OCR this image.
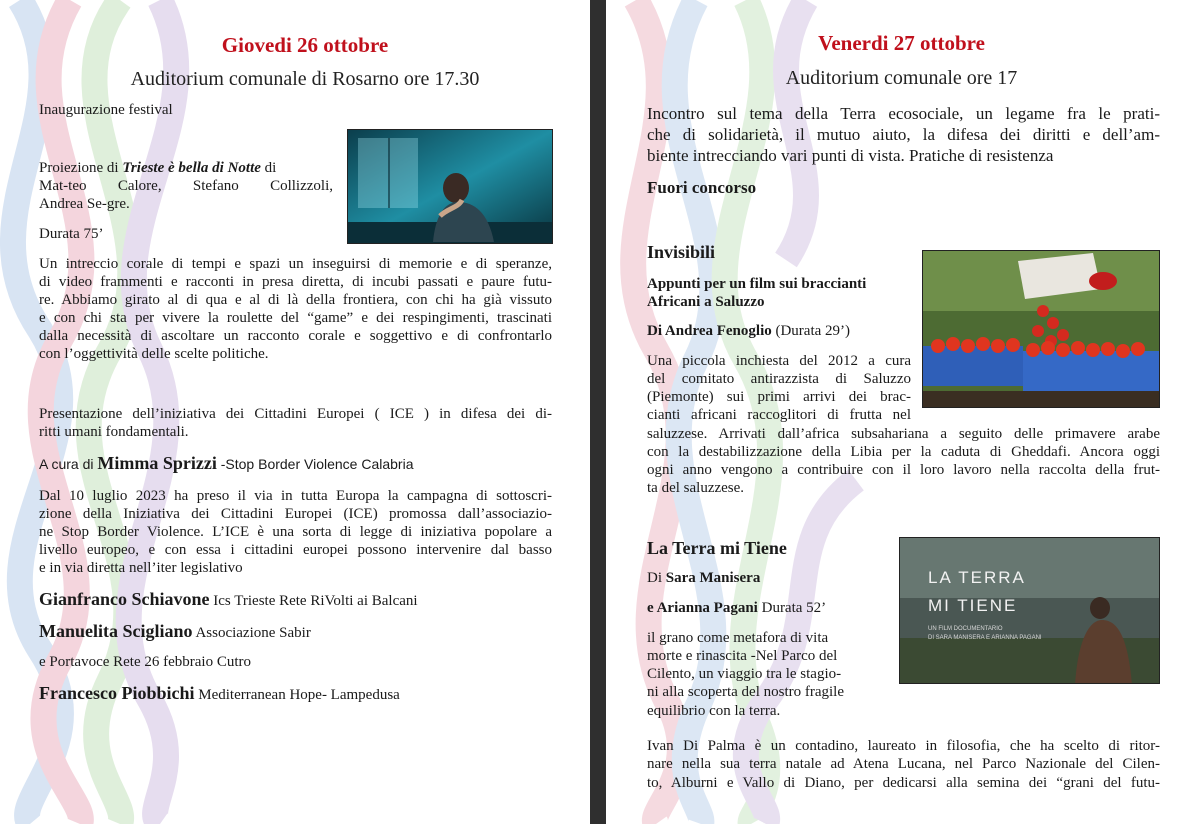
Giovedi 26 ottobre
Auditorium comunale di Rosarno ore 17.30
Inaugurazione festival
Proiezione di Trieste è bella di Notte di
Mat-teo Calore, Stefano Collizzoli,
Andrea Se-gre.
Durata 75’
Un intreccio corale di tempi e spazi un inseguirsi di memorie e di speranze,
di video frammenti e racconti in presa diretta, di incubi passati e paure futu-
re. Abbiamo girato al di qua e al di là della frontiera, con chi ha già vissuto
e con chi sta per vivere la roulette del “game” e dei respingimenti, trascinati
dalla necessità di ascoltare un racconto corale e soggettivo e di confrontarlo
con l’oggettività delle scelte politiche.
Presentazione dell’iniziativa dei Cittadini Europei ( ICE ) in difesa dei di-
ritti umani fondamentali.
A cura di Mimma Sprizzi -Stop Border Violence Calabria
Dal 10 luglio 2023 ha preso il via in tutta Europa la campagna di sottoscri-
zione della Iniziativa dei Cittadini Europei (ICE) promossa dall’associazio-
ne Stop Border Violence. L’ICE è una sorta di legge di iniziativa popolare a
livello europeo, e con essa i cittadini europei possono intervenire dal basso
e in via diretta nell’iter legislativo
Gianfranco Schiavone Ics Trieste Rete RiVolti ai Balcani
Manuelita Scigliano Associazione Sabir
e Portavoce Rete 26 febbraio Cutro
Francesco Piobbichi Mediterranean Hope- Lampedusa
Venerdi 27 ottobre
Auditorium comunale ore 17
Incontro sul tema della Terra ecosociale, un legame fra le prati-
che di solidarietà, il mutuo aiuto, la difesa dei diritti e dell’am-
biente intrecciando vari punti di vista. Pratiche di resistenza
Fuori concorso
Invisibili
Appunti per un film sui braccianti
Africani a Saluzzo
Di Andrea Fenoglio (Durata 29’)
Una piccola inchiesta del 2012 a cura
del comitato antirazzista di Saluzzo
(Piemonte) sui primi arrivi dei brac-
cianti africani raccoglitori di frutta nel
saluzzese. Arrivati dall’africa subsahariana a seguito delle primavere arabe
con la destabilizzazione della Libia per la caduta di Gheddafi. Ancora oggi
ogni anno vengono a contribuire con il loro lavoro nella raccolta della frut-
ta del saluzzese.
La Terra mi Tiene
Di Sara Manisera
e Arianna Pagani Durata 52’
il grano come metafora di vita
morte e rinascita -Nel Parco del
Cilento, un viaggio tra le stagio-
ni alla scoperta del nostro fragile
equilibrio con la terra.
Ivan Di Palma è un contadino, laureato in filosofia, che ha scelto di ritor-
nare nella sua terra natale ad Atena Lucana, nel Parco Nazionale del Cilen-
to, Alburni e Vallo di Diano, per dedicarsi alla semina dei “grani del futu-
LA TERRA
MI TIENE
UN FILM DOCUMENTARIO
DI SARA MANISERA E ARIANNA PAGANI
